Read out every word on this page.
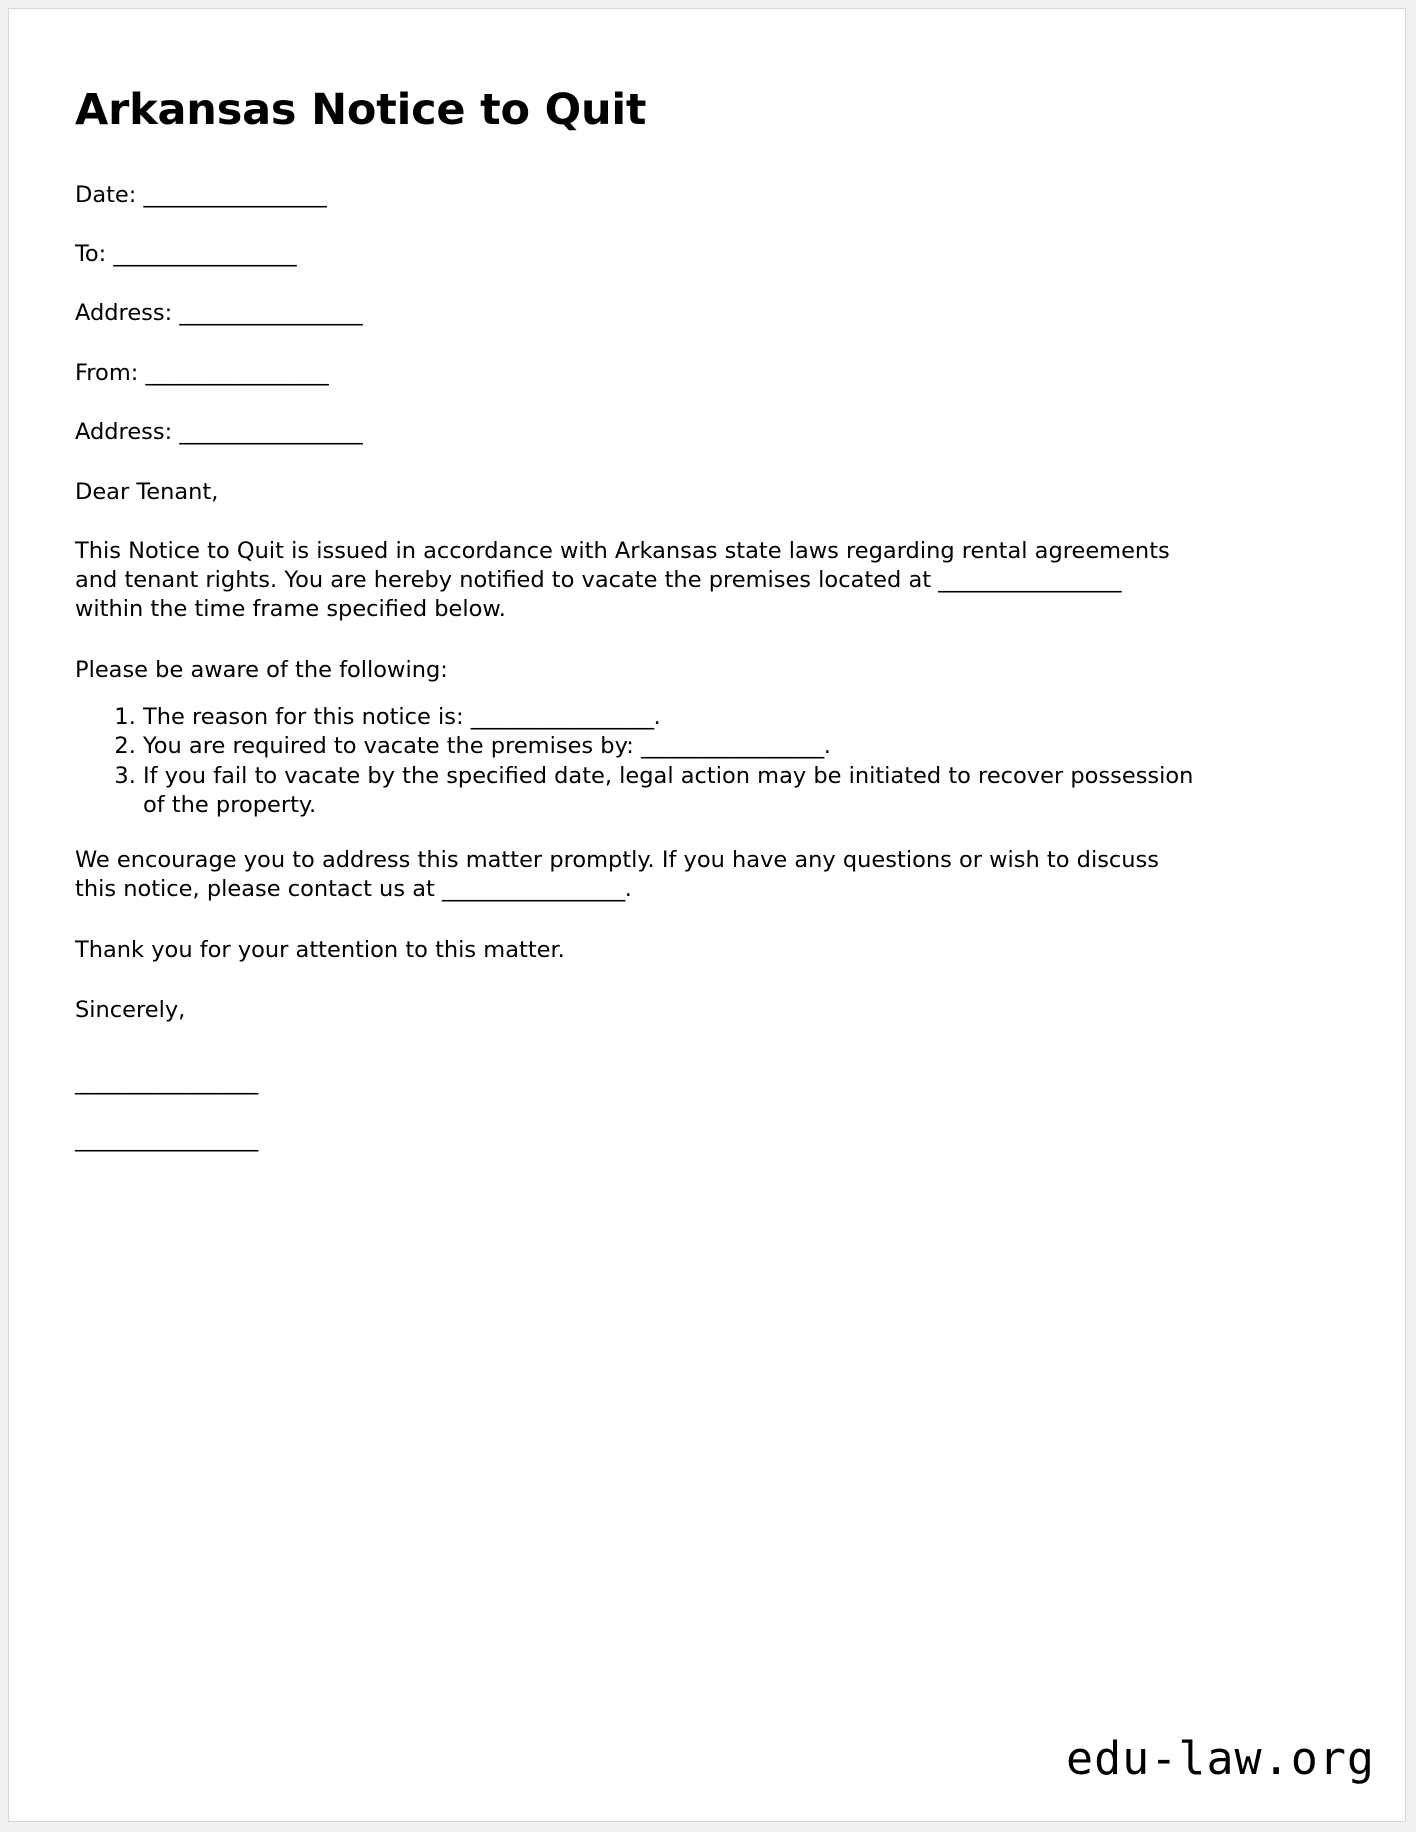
Arkansas Notice to Quit

Date: _________________

To: _________________

Address: _________________

From: _________________

Address: _________________

Dear Tenant,

This Notice to Quit is issued in accordance with Arkansas state laws regarding rental agreements and tenant rights. You are hereby notified to vacate the premises located at _________________ within the time frame specified below.

Please be aware of the following:

1. The reason for this notice is: _________________.
2. You are required to vacate the premises by: _________________.
3. If you fail to vacate by the specified date, legal action may be initiated to recover possession of the property.

We encourage you to address this matter promptly. If you have any questions or wish to discuss this notice, please contact us at _________________.

Thank you for your attention to this matter.

Sincerely,

_________________

_________________

edu-law.org
